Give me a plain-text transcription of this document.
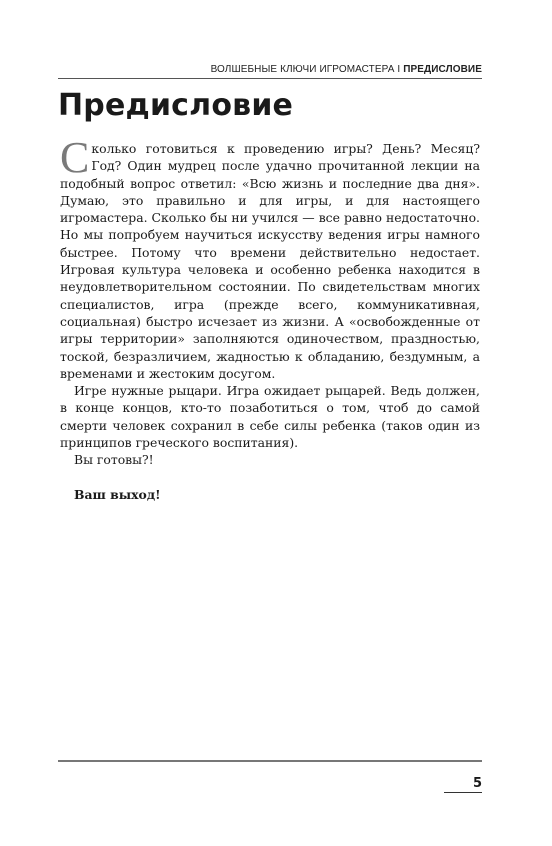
ВОЛШЕБНЫЕ КЛЮЧИ ИГРОМАСТЕРА I ПРЕДИСЛОВИЕ
Предисловие

Сколько готовиться к проведению игры? День? Месяц? Год? Один мудрец после удачно прочитанной лекции на подобный вопрос ответил: «Всю жизнь и последние два дня». Думаю, это правильно и для игры, и для настоящего игромастера. Сколько бы ни учился — все равно недостаточно. Но мы попробуем научиться искусству ведения игры намного быстрее. Потому что времени действительно недостает. Игровая культура человека и особенно ребенка находится в неудовлетворительном состоянии. По свидетельствам многих специалистов, игра (прежде всего, коммуникативная, социальная) быстро исчезает из жизни. А «освобожденные от игры территории» заполняются одиночеством, праздностью, тоской, безразличием, жадностью к обладанию, бездумным, а временами и жестоким досугом.

Игре нужные рыцари. Игра ожидает рыцарей. Ведь должен, в конце концов, кто-то позаботиться о том, чтоб до самой смерти человек сохранил в себе силы ребенка (таков один из принципов греческого воспитания).

Вы готовы?!

Ваш выход!

5
